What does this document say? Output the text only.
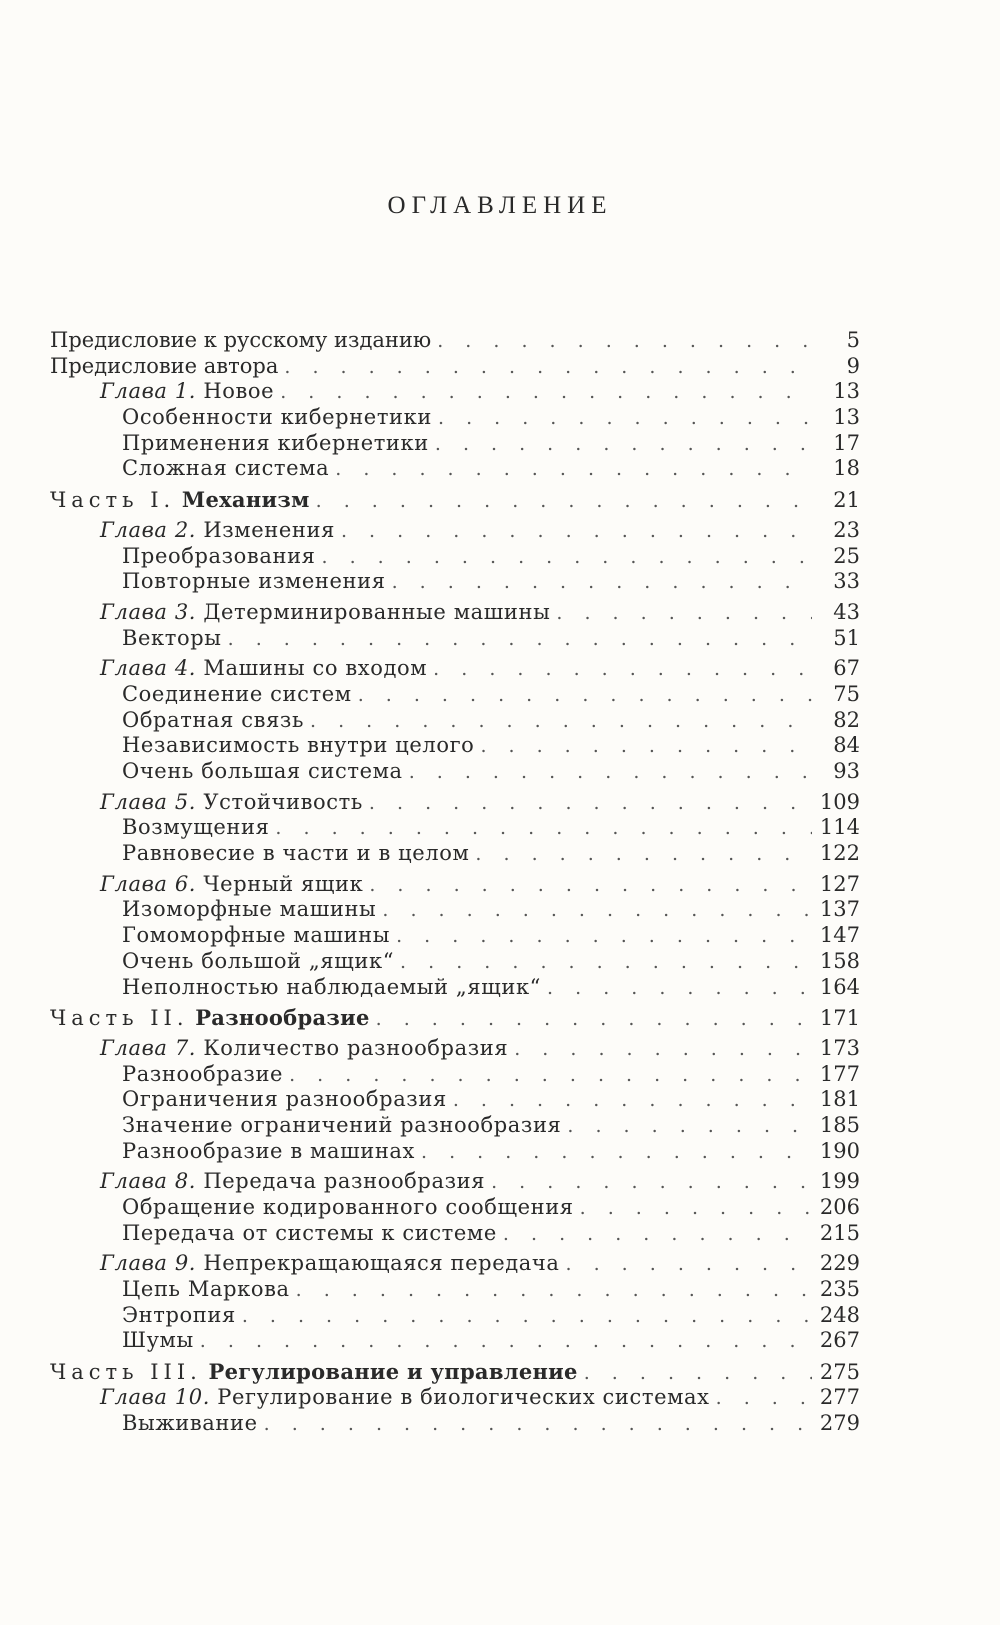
ОГЛАВЛЕНИЕ
Предисловие к русскому изданию . . .	5
Предисловие автора . . .	9
Глава 1. Новое . . .	13
Особенности кибернетики . . .	13
Применения кибернетики . . .	17
Сложная система . . .	18
Часть I. Механизм . . .	21
Глава 2. Изменения . . .	23
Преобразования . . .	25
Повторные изменения . . .	33
Глава 3. Детерминированные машины . . .	43
Векторы . . .	51
Глава 4. Машины со входом . . .	67
Соединение систем . . .	75
Обратная связь . . .	82
Независимость внутри целого . . .	84
Очень большая система . . .	93
Глава 5. Устойчивость . . .	109
Возмущения . . .	114
Равновесие в части и в целом . . .	122
Глава 6. Черный ящик . . .	127
Изоморфные машины . . .	137
Гомоморфные машины . . .	147
Очень большой „ящик“ . . .	158
Неполностью наблюдаемый „ящик“ . . .	164
Часть II. Разнообразие . . .	171
Глава 7. Количество разнообразия . . .	173
Разнообразие . . .	177
Ограничения разнообразия . . .	181
Значение ограничений разнообразия . . .	185
Разнообразие в машинах . . .	190
Глава 8. Передача разнообразия . . .	199
Обращение кодированного сообщения . . .	206
Передача от системы к системе . . .	215
Глава 9. Непрекращающаяся передача . . .	229
Цепь Маркова . . .	235
Энтропия . . .	248
Шумы . . .	267
Часть III. Регулирование и управление . . .	275
Глава 10. Регулирование в биологических системах . . .	277
Выживание . . .	279
